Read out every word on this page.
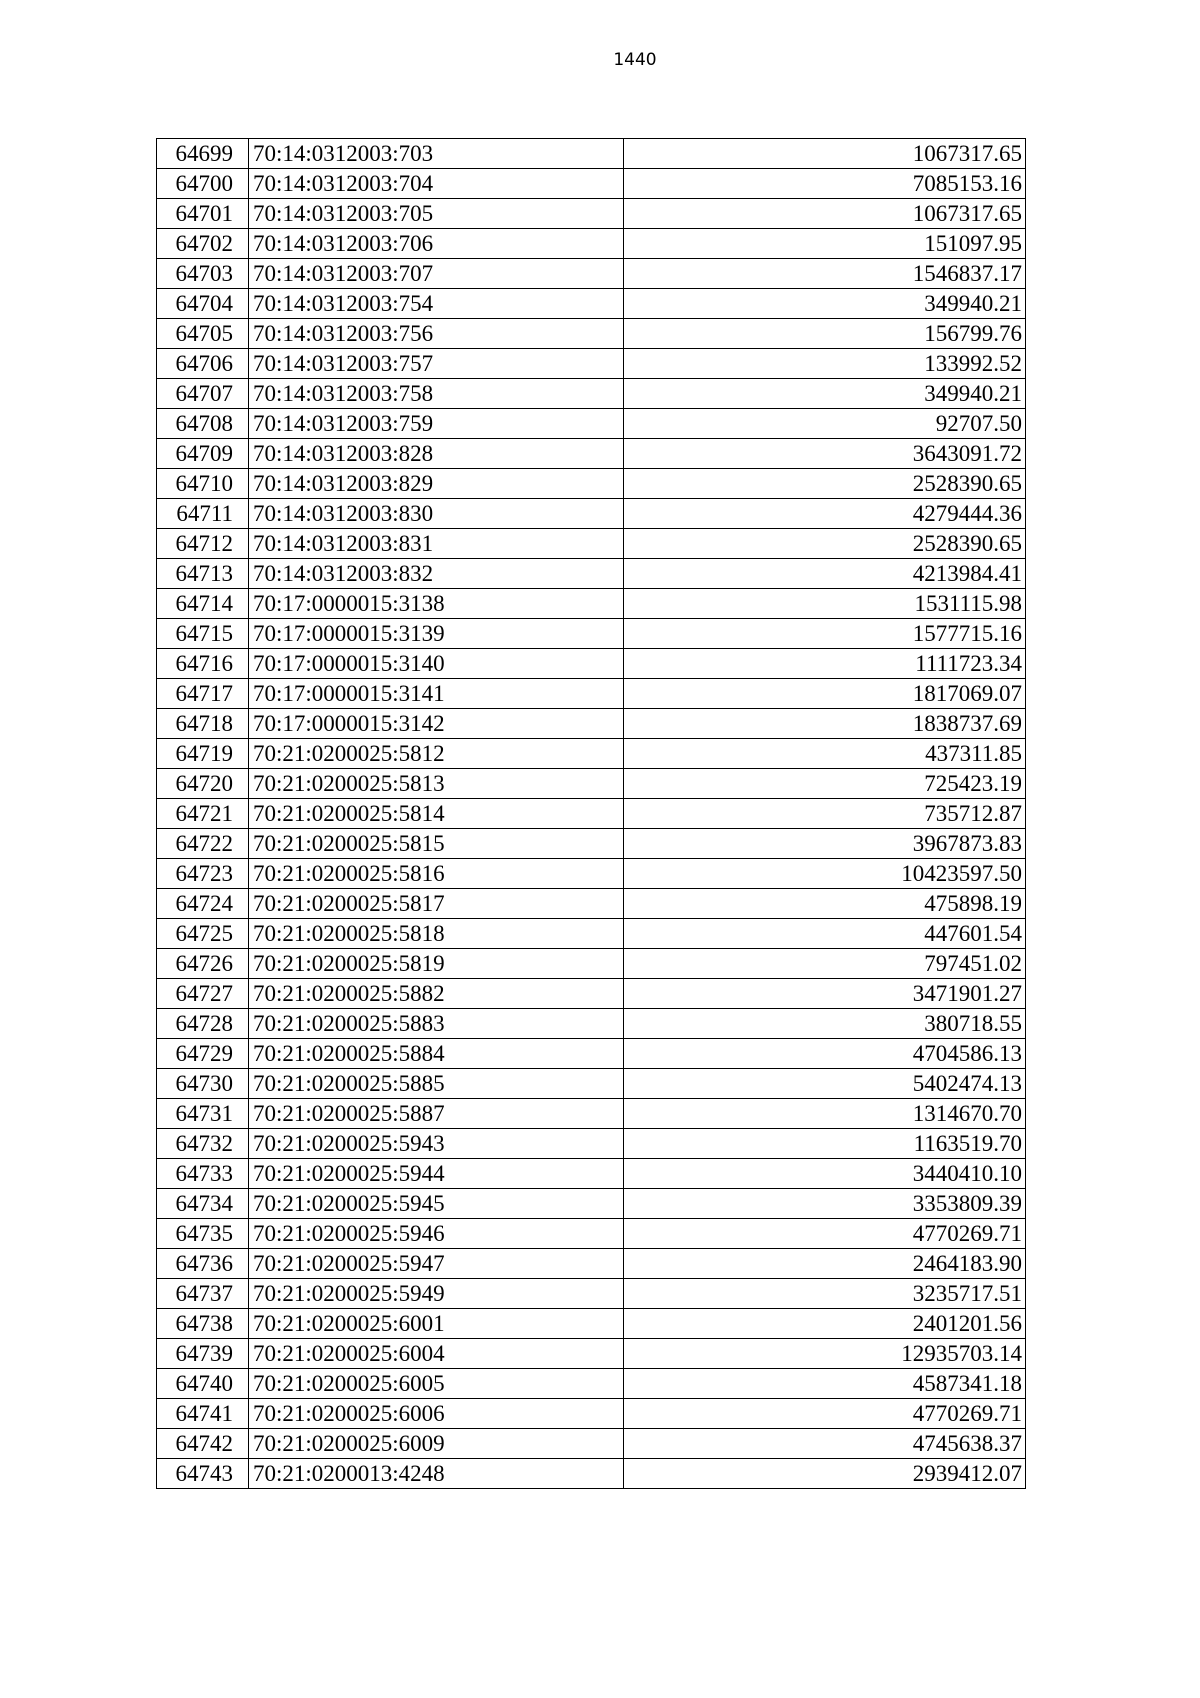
1440
64699	70:14:0312003:703	1067317.65
64700	70:14:0312003:704	7085153.16
64701	70:14:0312003:705	1067317.65
64702	70:14:0312003:706	151097.95
64703	70:14:0312003:707	1546837.17
64704	70:14:0312003:754	349940.21
64705	70:14:0312003:756	156799.76
64706	70:14:0312003:757	133992.52
64707	70:14:0312003:758	349940.21
64708	70:14:0312003:759	92707.50
64709	70:14:0312003:828	3643091.72
64710	70:14:0312003:829	2528390.65
64711	70:14:0312003:830	4279444.36
64712	70:14:0312003:831	2528390.65
64713	70:14:0312003:832	4213984.41
64714	70:17:0000015:3138	1531115.98
64715	70:17:0000015:3139	1577715.16
64716	70:17:0000015:3140	1111723.34
64717	70:17:0000015:3141	1817069.07
64718	70:17:0000015:3142	1838737.69
64719	70:21:0200025:5812	437311.85
64720	70:21:0200025:5813	725423.19
64721	70:21:0200025:5814	735712.87
64722	70:21:0200025:5815	3967873.83
64723	70:21:0200025:5816	10423597.50
64724	70:21:0200025:5817	475898.19
64725	70:21:0200025:5818	447601.54
64726	70:21:0200025:5819	797451.02
64727	70:21:0200025:5882	3471901.27
64728	70:21:0200025:5883	380718.55
64729	70:21:0200025:5884	4704586.13
64730	70:21:0200025:5885	5402474.13
64731	70:21:0200025:5887	1314670.70
64732	70:21:0200025:5943	1163519.70
64733	70:21:0200025:5944	3440410.10
64734	70:21:0200025:5945	3353809.39
64735	70:21:0200025:5946	4770269.71
64736	70:21:0200025:5947	2464183.90
64737	70:21:0200025:5949	3235717.51
64738	70:21:0200025:6001	2401201.56
64739	70:21:0200025:6004	12935703.14
64740	70:21:0200025:6005	4587341.18
64741	70:21:0200025:6006	4770269.71
64742	70:21:0200025:6009	4745638.37
64743	70:21:0200013:4248	2939412.07
